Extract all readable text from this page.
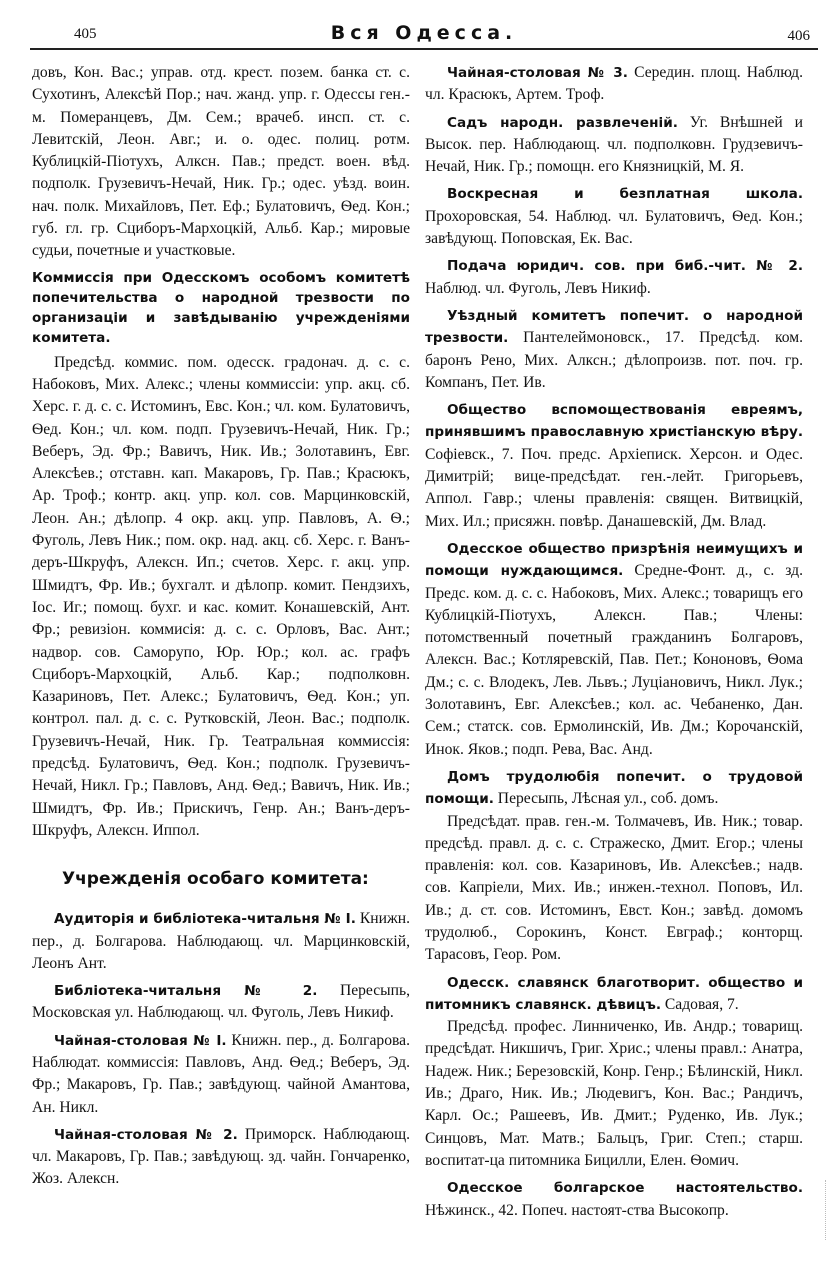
405	Вся Одесса.	406

довъ, Кон. Вас.; управ. отд. крест. позем. банка ст. с. Сухотинъ, Алексѣй Пор.; нач. жанд. упр. г. Одессы ген.-м. Померанцевъ, Дм. Сем.; врачеб. инсп. ст. с. Левитскій, Леон. Авг.; и. о. одес. полиц. ротм. Кублицкій-Піотухъ, Алксн. Пав.; предст. воен. вѣд. подполк. Грузевичъ-Нечай, Ник. Гр.; одес. уѣзд. воин. нач. полк. Михайловъ, Пет. Еф.; Булатовичъ, Ѳед. Кон.; губ. гл. гр. Сциборъ-Мархоцкій, Альб. Кар.; мировые судьи, почетные и участковые.

Коммиссія при Одесскомъ особомъ комитетѣ попечительства о народной трезвости по организаціи и завѣдыванію учрежденіями комитета.

Предсѣд. коммис. пом. одесск. градонач. д. с. с. Набоковъ, Мих. Алекс.; члены коммиссіи: упр. акц. сб. Херс. г. д. с. с. Истоминъ, Евс. Кон.; чл. ком. Булатовичъ, Ѳед. Кон.; чл. ком. подп. Грузевичъ-Нечай, Ник. Гр.; Веберъ, Эд. Фр.; Вавичъ, Ник. Ив.; Золотавинъ, Евг. Алексѣев.; отставн. кап. Макаровъ, Гр. Пав.; Красюкъ, Ар. Троф.; контр. акц. упр. кол. сов. Марцинковскій, Леон. Ан.; дѣлопр. 4 окр. акц. упр. Павловъ, А. Ѳ.; Фуголь, Левъ Ник.; пом. окр. над. акц. сб. Херс. г. Ванъ-деръ-Шкруфъ, Алексн. Ип.; счетов. Херс. г. акц. упр. Шмидтъ, Фр. Ив.; бухгалт. и дѣлопр. комит. Пендзихъ, Іос. Иг.; помощ. бухг. и кас. комит. Конашевскій, Ант. Фр.; ревизіон. коммисія: д. с. с. Орловъ, Вас. Ант.; надвор. сов. Саморупо, Юр. Юр.; кол. ас. графъ Сциборъ-Мархоцкій, Альб. Кар.; подполковн. Казариновъ, Пет. Алекс.; Булатовичъ, Ѳед. Кон.; уп. контрол. пал. д. с. с. Рутковскій, Леон. Вас.; подполк. Грузевичъ-Нечай, Ник. Гр. Театральная коммиссія: предсѣд. Булатовичъ, Ѳед. Кон.; подполк. Грузевичъ-Нечай, Никл. Гр.; Павловъ, Анд. Ѳед.; Вавичъ, Ник. Ив.; Шмидтъ, Фр. Ив.; Прискичъ, Генр. Ан.; Ванъ-деръ-Шкруфъ, Алексн. Иппол.

Учрежденія особаго комитета:

Аудиторія и библіотека-читальня № I. Книжн. пер., д. Болгарова. Наблюдающ. чл. Марцинковскій, Леонъ Ант.

Библіотека-читальня № 2. Пересыпь, Московская ул. Наблюдающ. чл. Фуголь, Левъ Никиф.

Чайная-столовая № I. Книжн. пер., д. Болгарова. Наблюдат. коммиссія: Павловъ, Анд. Ѳед.; Веберъ, Эд. Фр.; Макаровъ, Гр. Пав.; завѣдующ. чайной Амантова, Ан. Никл.

Чайная-столовая № 2. Приморск. Наблюдающ. чл. Макаровъ, Гр. Пав.; завѣдующ. зд. чайн. Гончаренко, Жоз. Алексн.

Чайная-столовая № 3. Середин. площ. Наблюд. чл. Красюкъ, Артем. Троф.

Садъ народн. развлеченій. Уг. Внѣшней и Высок. пер. Наблюдающ. чл. подполковн. Грудзевичъ-Нечай, Ник. Гр.; помощн. его Князницкій, М. Я.

Воскресная и безплатная школа. Прохоровская, 54. Наблюд. чл. Булатовичъ, Ѳед. Кон.; завѣдующ. Поповская, Ек. Вас.

Подача юридич. сов. при биб.-чит. № 2. Наблюд. чл. Фуголь, Левъ Никиф.

Уѣздный комитетъ попечит. о народной трезвости. Пантелеймоновск., 17. Предсѣд. ком. баронъ Рено, Мих. Алксн.; дѣлопроизв. пот. поч. гр. Компанъ, Пет. Ив.

Общество вспомоществованія евреямъ, принявшимъ православную христіанскую вѣру. Софіевск., 7. Поч. предс. Архіеписк. Херсон. и Одес. Димитрій; вице-предсѣдат. ген.-лейт. Григорьевъ, Аппол. Гавр.; члены правленія: священ. Витвицкій, Мих. Ил.; присяжн. повѣр. Данашевскій, Дм. Влад.

Одесское общество призрѣнія неимущихъ и помощи нуждающимся. Средне-Фонт. д., с. зд. Предс. ком. д. с. с. Набоковъ, Мих. Алекс.; товарищъ его Кублицкій-Піотухъ, Алексн. Пав.; Члены: потомственный почетный гражданинъ Болгаровъ, Алексн. Вас.; Котляревскій, Пав. Пет.; Кононовъ, Ѳома Дм.; с. с. Влодекъ, Лев. Львъ.; Луціановичъ, Никл. Лук.; Золотавинъ, Евг. Алексѣев.; кол. ас. Чебаненко, Дан. Сем.; статск. сов. Ермолинскій, Ив. Дм.; Корочанскій, Инок. Яков.; подп. Рева, Вас. Анд.

Домъ трудолюбія попечит. о трудовой помощи. Пересыпь, Лѣсная ул., соб. домъ.

Предсѣдат. прав. ген.-м. Толмачевъ, Ив. Ник.; товар. предсѣд. правл. д. с. с. Стражеско, Дмит. Егор.; члены правленія: кол. сов. Казариновъ, Ив. Алексѣев.; надв. сов. Капріели, Мих. Ив.; инжен.-технол. Поповъ, Ил. Ив.; д. ст. сов. Истоминъ, Евст. Кон.; завѣд. домомъ трудолюб., Сорокинъ, Конст. Евграф.; конторщ. Тарасовъ, Геор. Ром.

Одесск. славянск благотворит. общество и питомникъ славянск. дѣвицъ. Садовая, 7.

Предсѣд. профес. Линниченко, Ив. Андр.; товарищ. предсѣдат. Никшичъ, Григ. Хрис.; члены правл.: Анатра, Надеж. Ник.; Березовскій, Конр. Генр.; Бѣлинскій, Никл. Ив.; Драго, Ник. Ив.; Людевигъ, Кон. Вас.; Рандичъ, Карл. Ос.; Рашеевъ, Ив. Дмит.; Руденко, Ив. Лук.; Синцовъ, Мат. Матв.; Бальцъ, Григ. Степ.; старш. воспитат-ца питомника Бицилли, Елен. Ѳомич.

Одесское болгарское настоятельство. Нѣжинск., 42. Попеч. настоят-ства Высокопр.
